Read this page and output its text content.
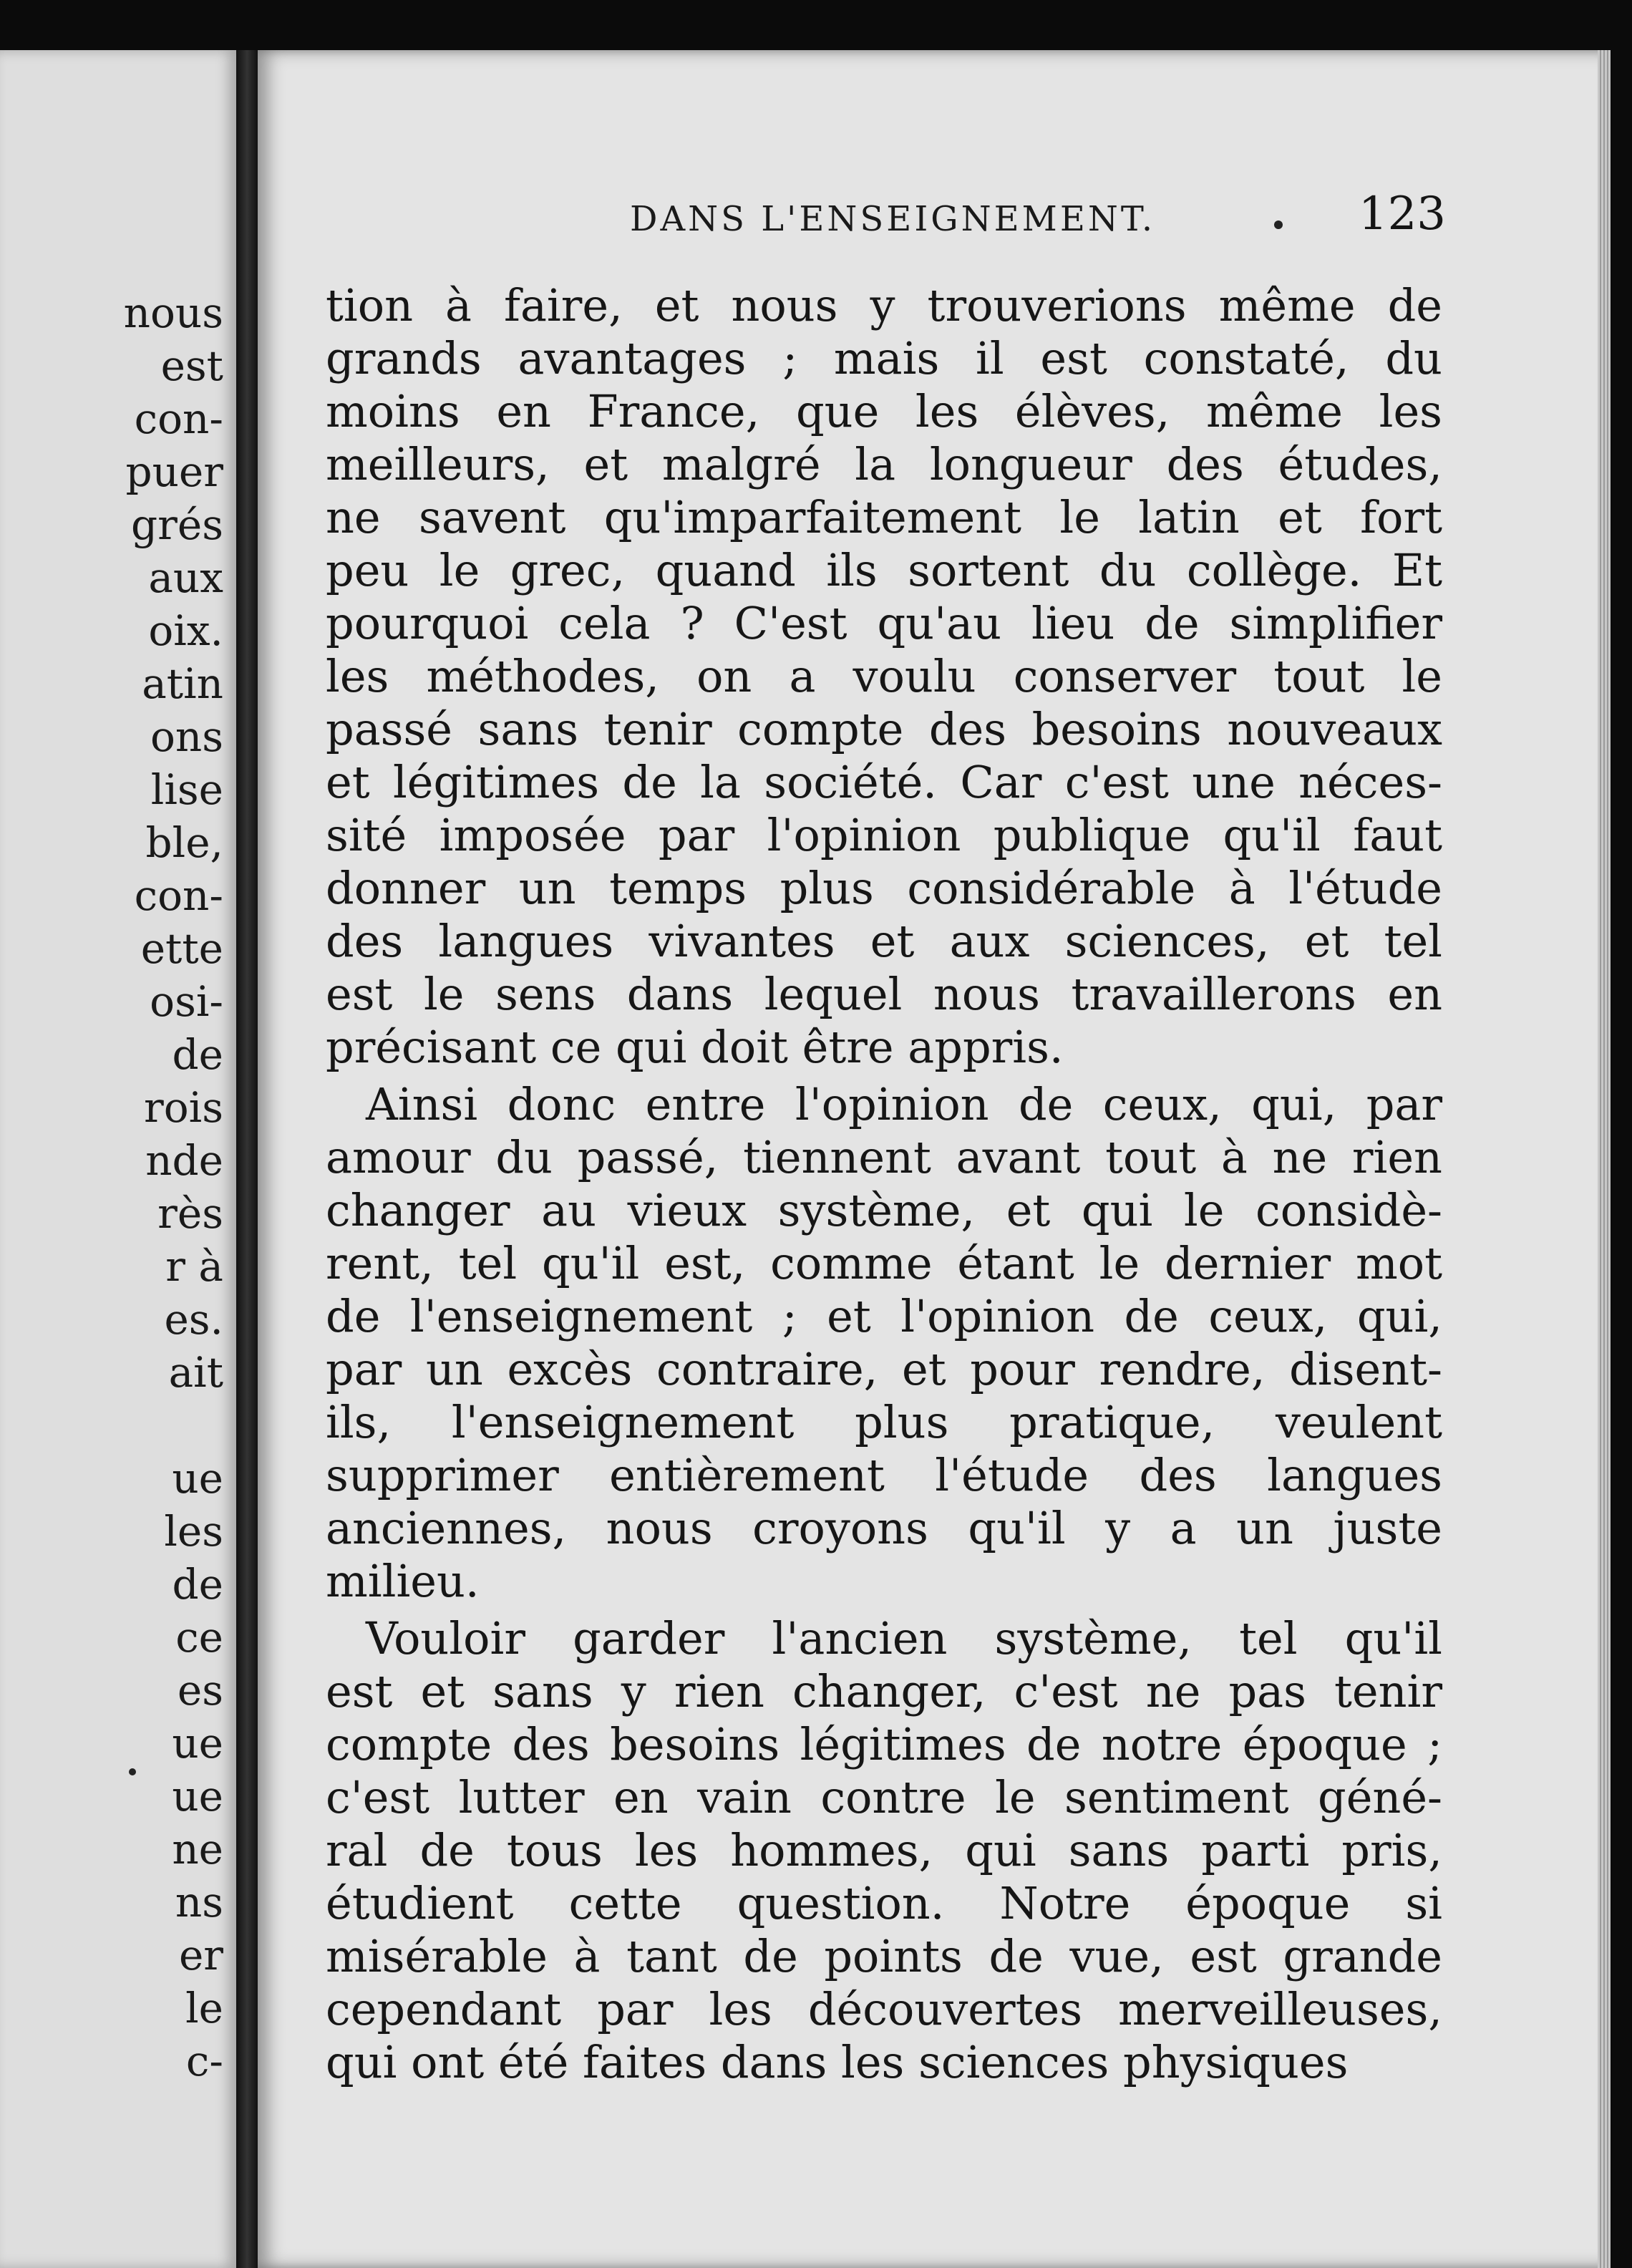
nous
est
con-
puer
grés
aux
oix.
atin
ons
lise
ble,
con-
ette
osi-
de
rois
nde
rès
r à
es.
ait
ue
les
de
ce
es
ue
ue
ne
ns
er
le
c-
DANS L'ENSEIGNEMENT.	123
tion à faire, et nous y trouverions même de
grands avantages ; mais il est constaté, du
moins en France, que les élèves, même les
meilleurs, et malgré la longueur des études,
ne savent qu'imparfaitement le latin et fort
peu le grec, quand ils sortent du collège. Et
pourquoi cela ? C'est qu'au lieu de simplifier
les méthodes, on a voulu conserver tout le
passé sans tenir compte des besoins nouveaux
et légitimes de la société. Car c'est une néces-
sité imposée par l'opinion publique qu'il faut
donner un temps plus considérable à l'étude
des langues vivantes et aux sciences, et tel
est le sens dans lequel nous travaillerons en
précisant ce qui doit être appris.
Ainsi donc entre l'opinion de ceux, qui, par
amour du passé, tiennent avant tout à ne rien
changer au vieux système, et qui le considè-
rent, tel qu'il est, comme étant le dernier mot
de l'enseignement ; et l'opinion de ceux, qui,
par un excès contraire, et pour rendre, disent-
ils, l'enseignement plus pratique, veulent
supprimer entièrement l'étude des langues
anciennes, nous croyons qu'il y a un juste
milieu.
Vouloir garder l'ancien système, tel qu'il
est et sans y rien changer, c'est ne pas tenir
compte des besoins légitimes de notre époque ;
c'est lutter en vain contre le sentiment géné-
ral de tous les hommes, qui sans parti pris,
étudient cette question. Notre époque si
misérable à tant de points de vue, est grande
cependant par les découvertes merveilleuses,
qui ont été faites dans les sciences physiques
